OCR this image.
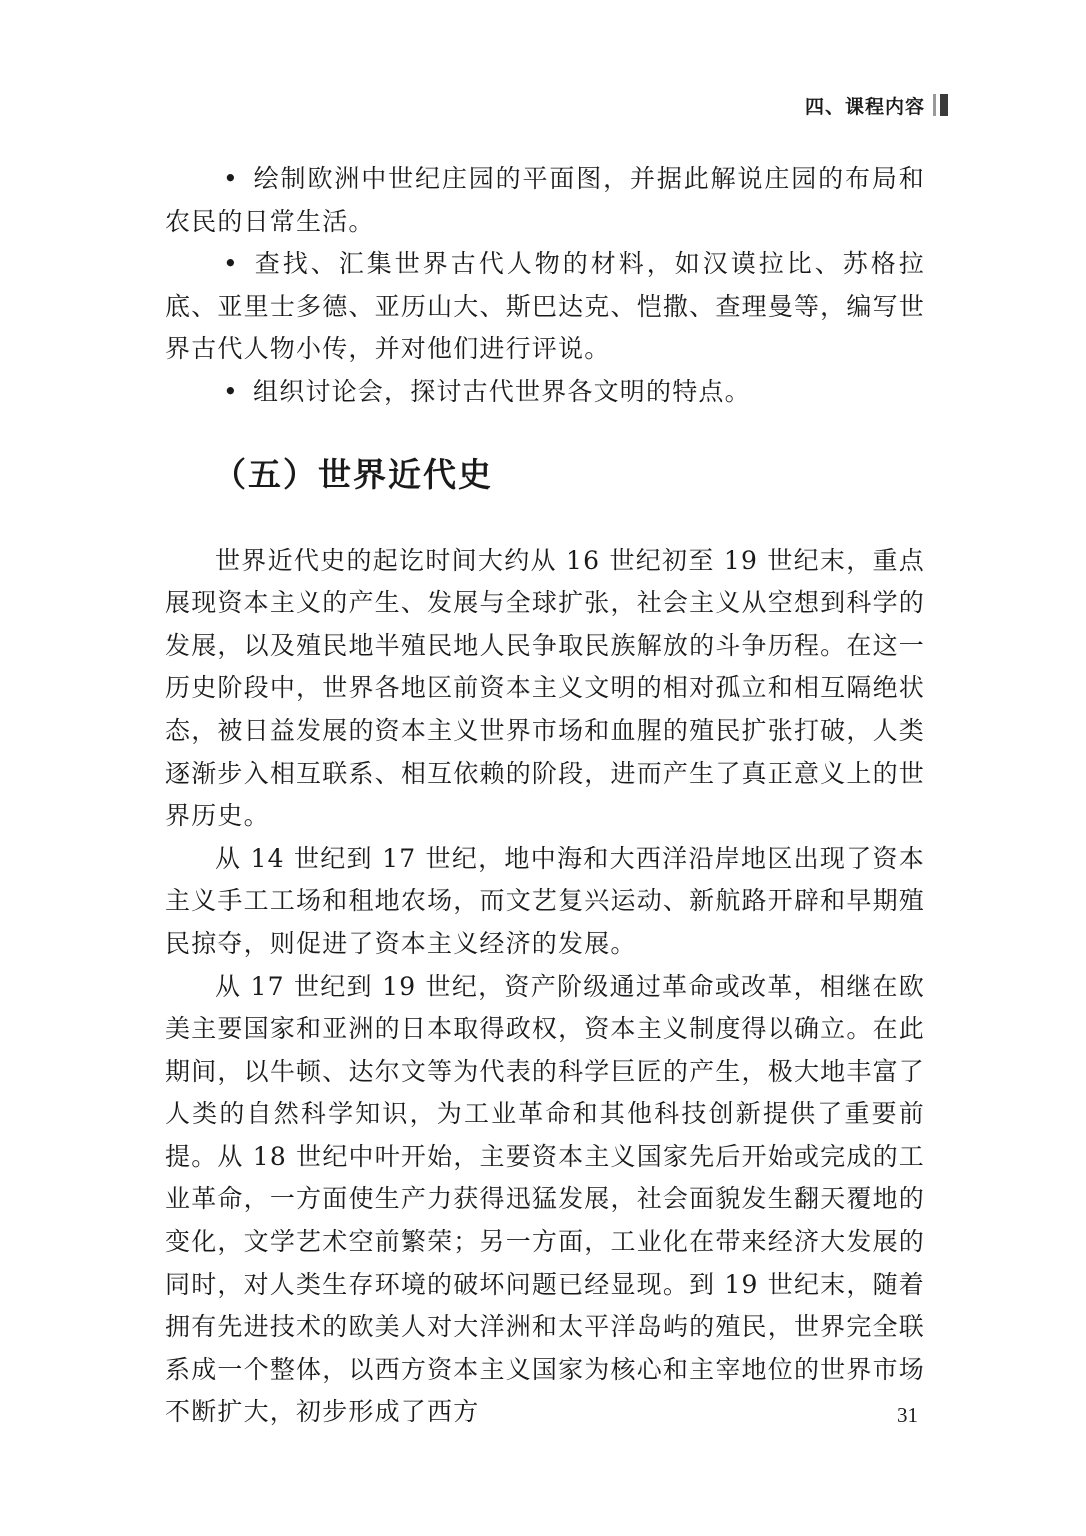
四、课程内容

• 绘制欧洲中世纪庄园的平面图，并据此解说庄园的布局和农民的日常生活。

• 查找、汇集世界古代人物的材料，如汉谟拉比、苏格拉底、亚里士多德、亚历山大、斯巴达克、恺撒、查理曼等，编写世界古代人物小传，并对他们进行评说。

• 组织讨论会，探讨古代世界各文明的特点。

（五）世界近代史

世界近代史的起讫时间大约从 16 世纪初至 19 世纪末，重点展现资本主义的产生、发展与全球扩张，社会主义从空想到科学的发展，以及殖民地半殖民地人民争取民族解放的斗争历程。在这一历史阶段中，世界各地区前资本主义文明的相对孤立和相互隔绝状态，被日益发展的资本主义世界市场和血腥的殖民扩张打破，人类逐渐步入相互联系、相互依赖的阶段，进而产生了真正意义上的世界历史。

从 14 世纪到 17 世纪，地中海和大西洋沿岸地区出现了资本主义手工工场和租地农场，而文艺复兴运动、新航路开辟和早期殖民掠夺，则促进了资本主义经济的发展。

从 17 世纪到 19 世纪，资产阶级通过革命或改革，相继在欧美主要国家和亚洲的日本取得政权，资本主义制度得以确立。在此期间，以牛顿、达尔文等为代表的科学巨匠的产生，极大地丰富了人类的自然科学知识，为工业革命和其他科技创新提供了重要前提。从 18 世纪中叶开始，主要资本主义国家先后开始或完成的工业革命，一方面使生产力获得迅猛发展，社会面貌发生翻天覆地的变化，文学艺术空前繁荣；另一方面，工业化在带来经济大发展的同时，对人类生存环境的破坏问题已经显现。到 19 世纪末，随着拥有先进技术的欧美人对大洋洲和太平洋岛屿的殖民，世界完全联系成一个整体，以西方资本主义国家为核心和主宰地位的世界市场不断扩大，初步形成了西方	31
